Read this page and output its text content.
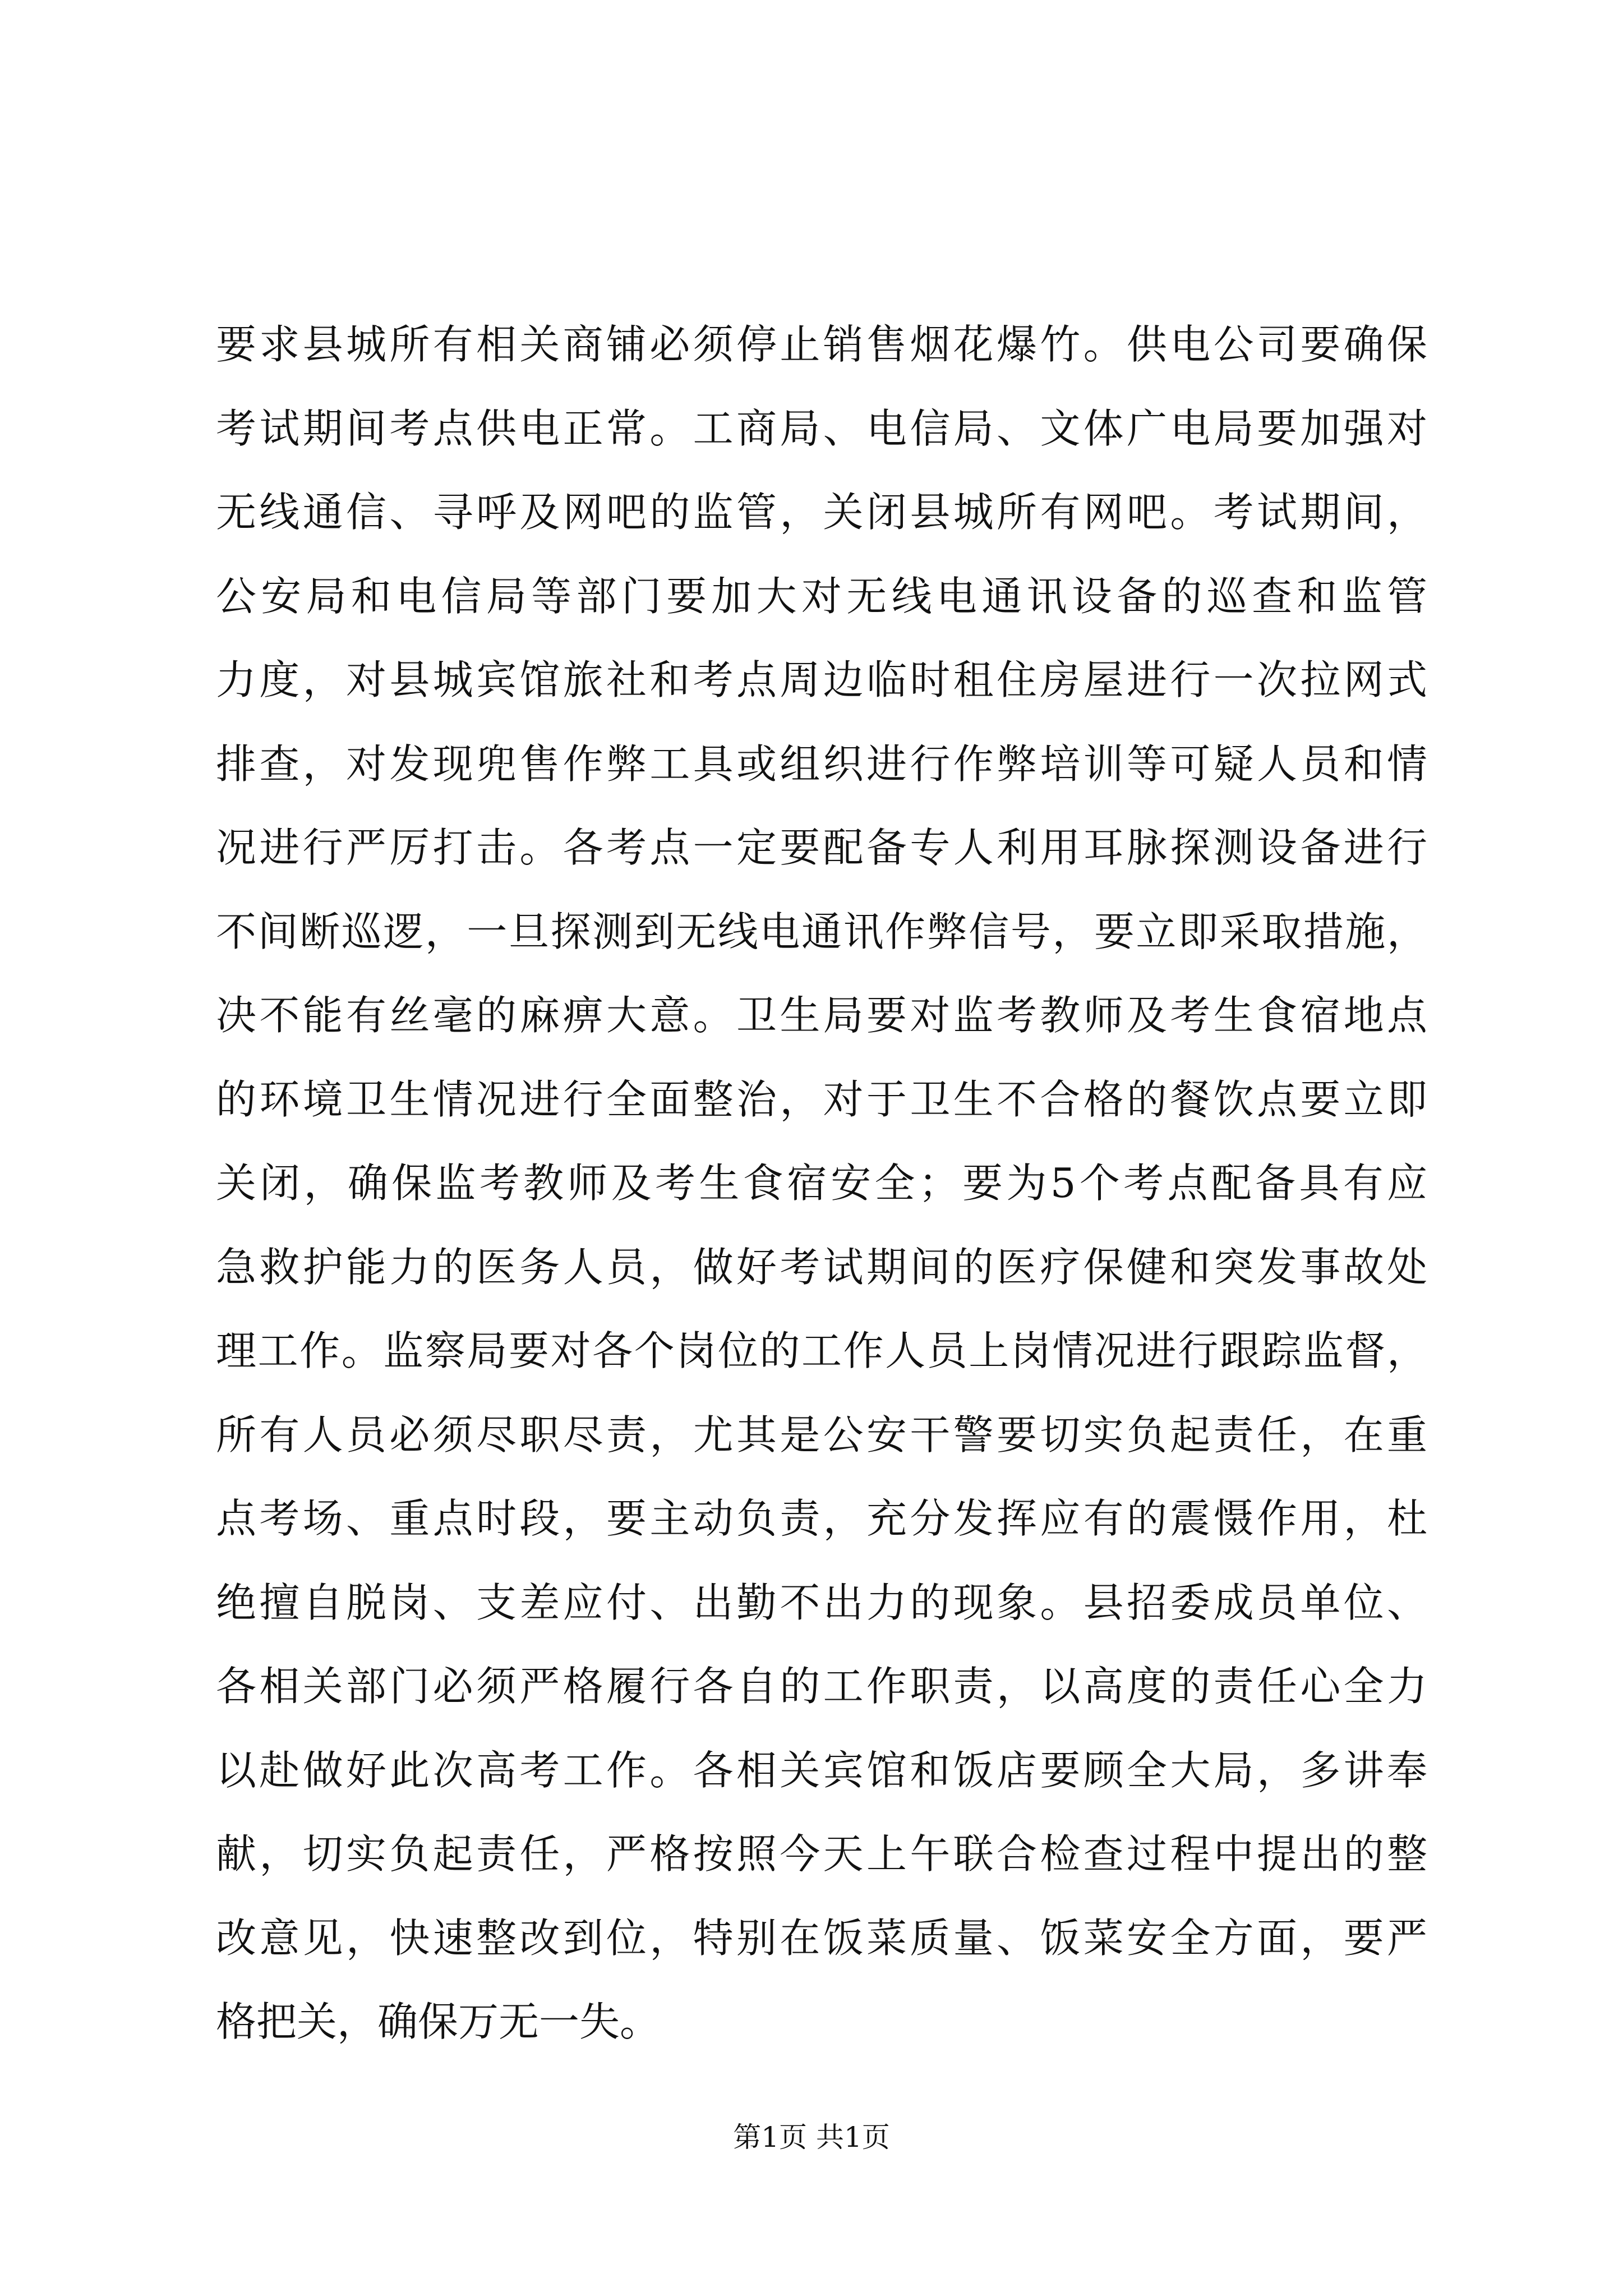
要求县城所有相关商铺必须停止销售烟花爆竹。供电公司要确保
考试期间考点供电正常。工商局、电信局、文体广电局要加强对
无线通信、寻呼及网吧的监管，关闭县城所有网吧。考试期间，
公安局和电信局等部门要加大对无线电通讯设备的巡查和监管
力度，对县城宾馆旅社和考点周边临时租住房屋进行一次拉网式
排查，对发现兜售作弊工具或组织进行作弊培训等可疑人员和情
况进行严厉打击。各考点一定要配备专人利用耳脉探测设备进行
不间断巡逻，一旦探测到无线电通讯作弊信号，要立即采取措施，
决不能有丝毫的麻痹大意。卫生局要对监考教师及考生食宿地点
的环境卫生情况进行全面整治，对于卫生不合格的餐饮点要立即
关闭，确保监考教师及考生食宿安全；要为5个考点配备具有应
急救护能力的医务人员，做好考试期间的医疗保健和突发事故处
理工作。监察局要对各个岗位的工作人员上岗情况进行跟踪监督，
所有人员必须尽职尽责，尤其是公安干警要切实负起责任，在重
点考场、重点时段，要主动负责，充分发挥应有的震慑作用，杜
绝擅自脱岗、支差应付、出勤不出力的现象。县招委成员单位、
各相关部门必须严格履行各自的工作职责，以高度的责任心全力
以赴做好此次高考工作。各相关宾馆和饭店要顾全大局，多讲奉
献，切实负起责任，严格按照今天上午联合检查过程中提出的整
改意见，快速整改到位，特别在饭菜质量、饭菜安全方面，要严
格把关，确保万无一失。
第1页 共1页
